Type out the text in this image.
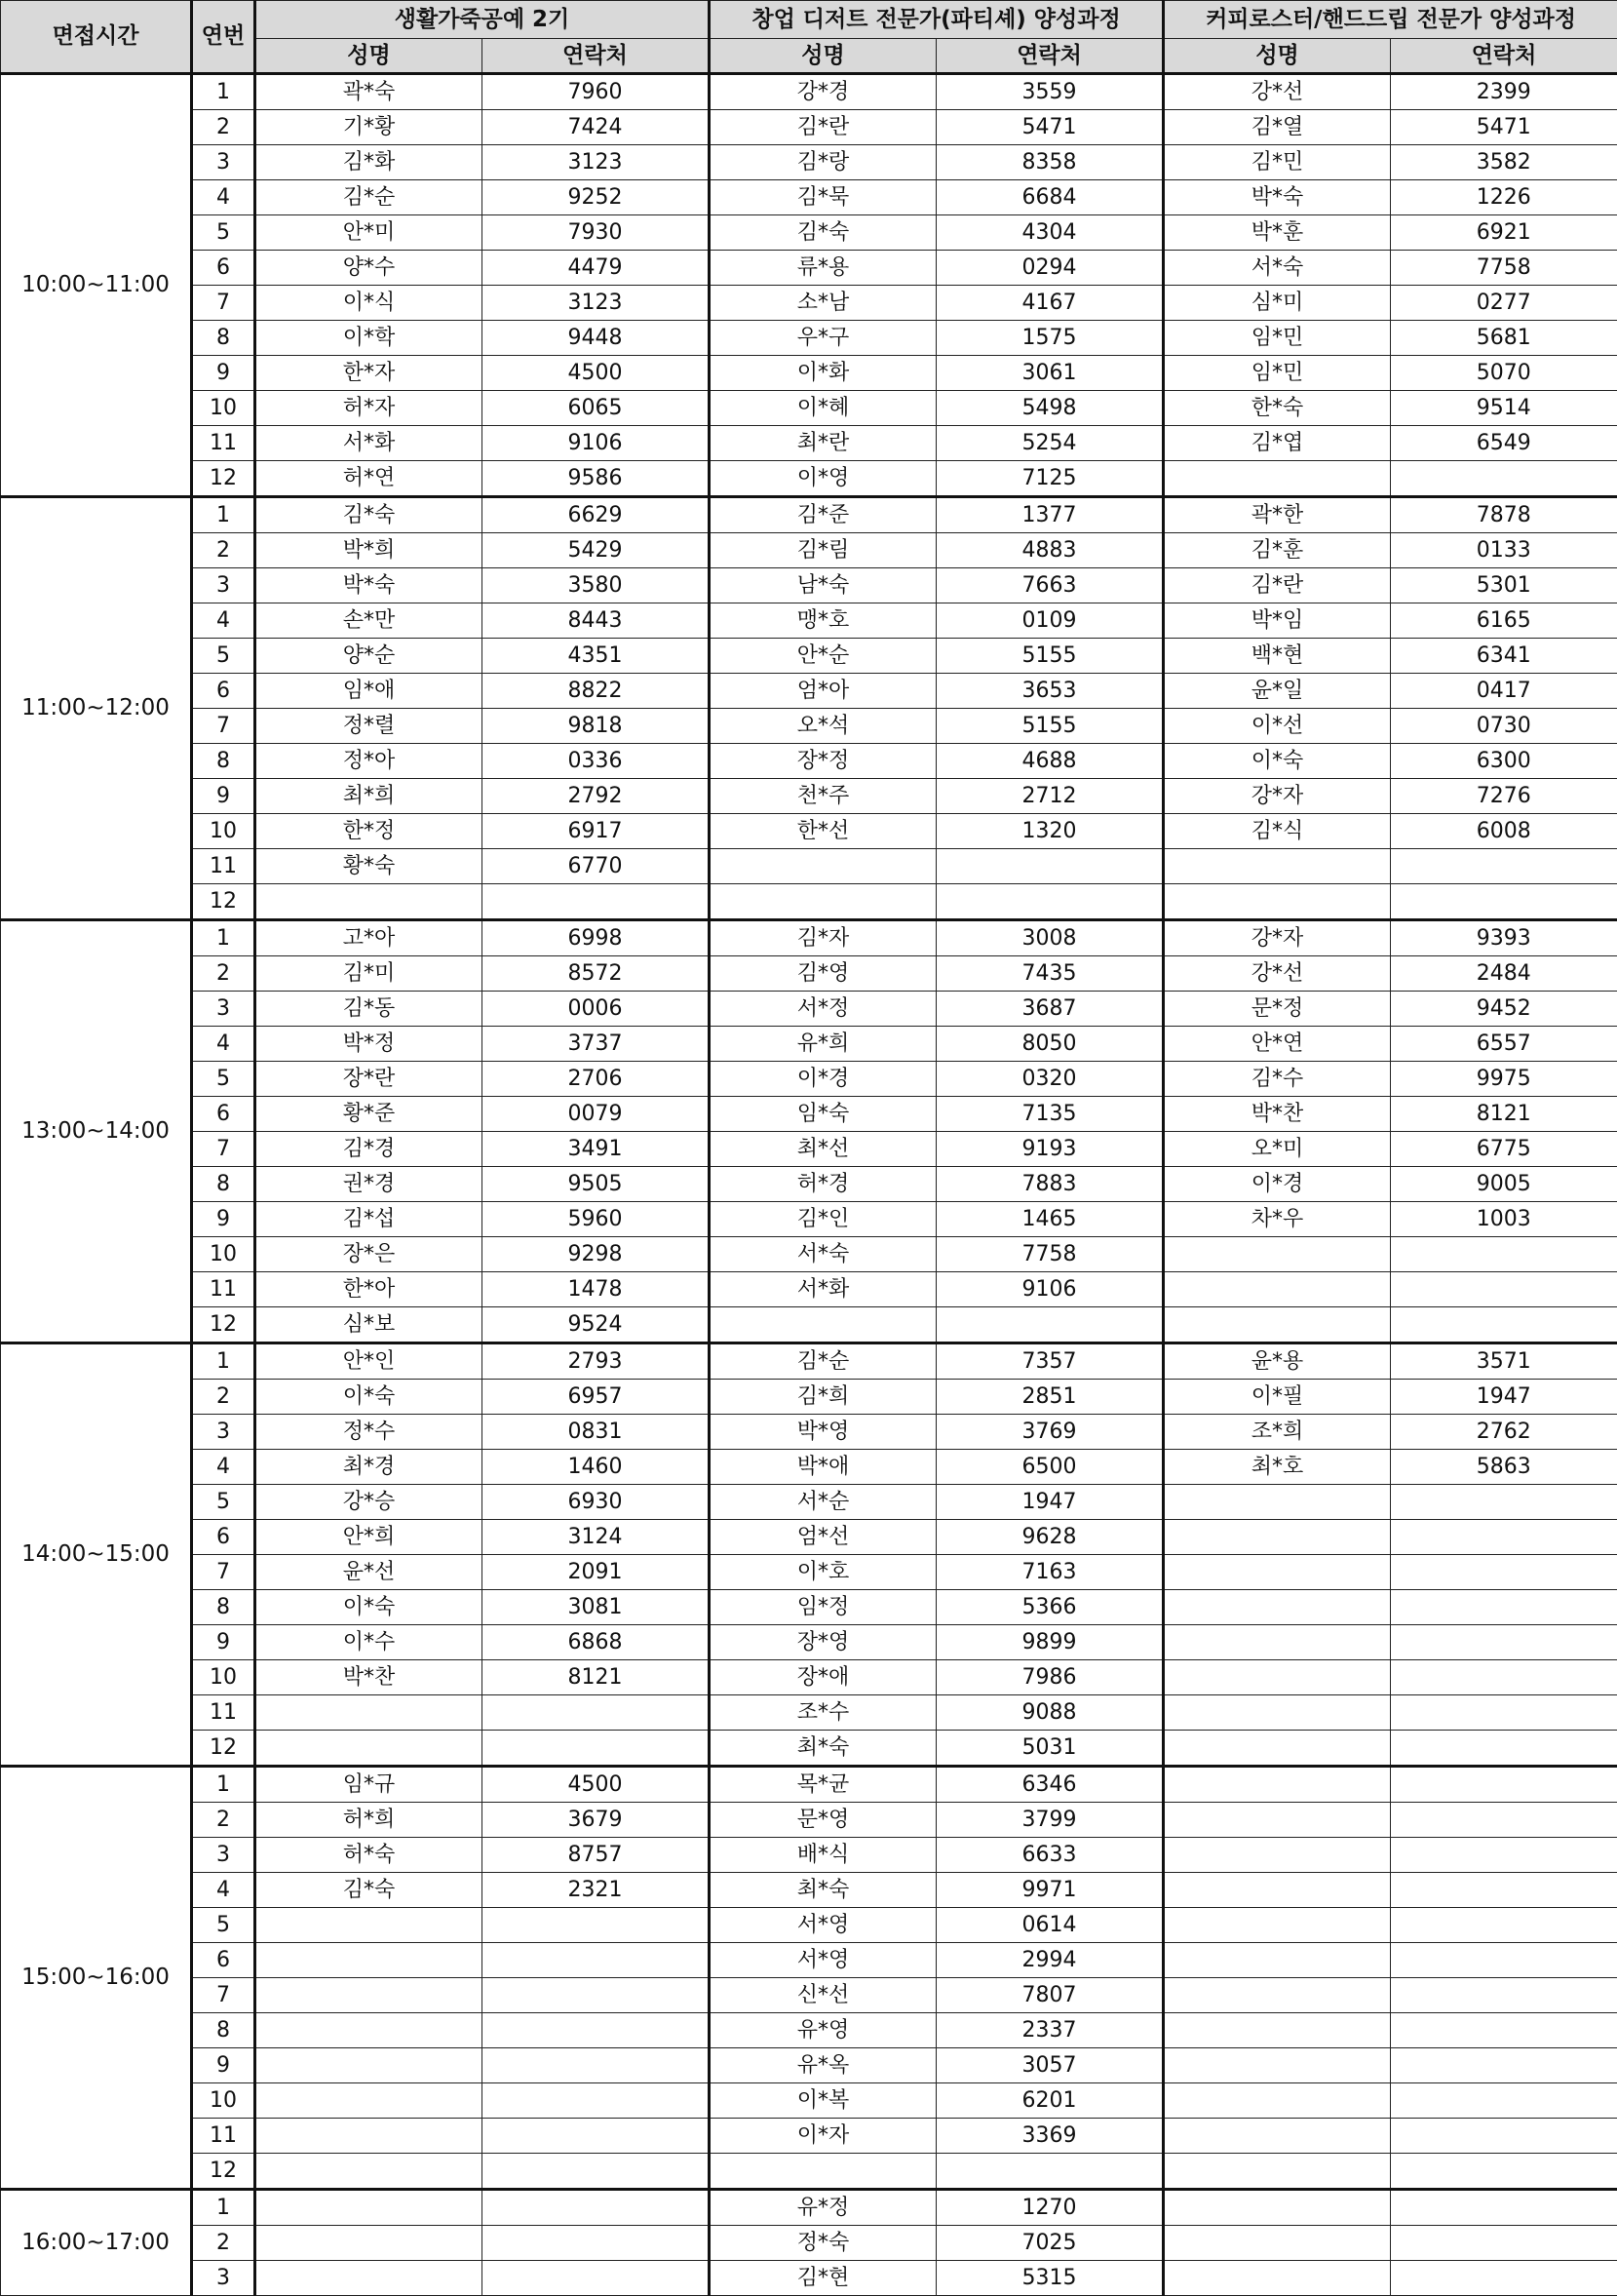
면접시간	연번	생활가죽공예 2기		창업 디저트 전문가(파티셰) 양성과정		커피로스터/핸드드립 전문가 양성과정	
		성명	연락처	성명	연락처	성명	연락처
10:00~11:00	1	곽*숙	7960	강*경	3559	강*선	2399
	2	기*황	7424	김*란	5471	김*열	5471
	3	김*화	3123	김*랑	8358	김*민	3582
	4	김*순	9252	김*묵	6684	박*숙	1226
	5	안*미	7930	김*숙	4304	박*훈	6921
	6	양*수	4479	류*용	0294	서*숙	7758
	7	이*식	3123	소*남	4167	심*미	0277
	8	이*학	9448	우*구	1575	임*민	5681
	9	한*자	4500	이*화	3061	임*민	5070
	10	허*자	6065	이*혜	5498	한*숙	9514
	11	서*화	9106	최*란	5254	김*엽	6549
	12	허*연	9586	이*영	7125		
11:00~12:00	1	김*숙	6629	김*준	1377	곽*한	7878
	2	박*희	5429	김*림	4883	김*훈	0133
	3	박*숙	3580	남*숙	7663	김*란	5301
	4	손*만	8443	맹*호	0109	박*임	6165
	5	양*순	4351	안*순	5155	백*현	6341
	6	임*애	8822	엄*아	3653	윤*일	0417
	7	정*렬	9818	오*석	5155	이*선	0730
	8	정*아	0336	장*정	4688	이*숙	6300
	9	최*희	2792	천*주	2712	강*자	7276
	10	한*정	6917	한*선	1320	김*식	6008
	11	황*숙	6770				
	12						
13:00~14:00	1	고*아	6998	김*자	3008	강*자	9393
	2	김*미	8572	김*영	7435	강*선	2484
	3	김*동	0006	서*정	3687	문*정	9452
	4	박*정	3737	유*희	8050	안*연	6557
	5	장*란	2706	이*경	0320	김*수	9975
	6	황*준	0079	임*숙	7135	박*찬	8121
	7	김*경	3491	최*선	9193	오*미	6775
	8	권*경	9505	허*경	7883	이*경	9005
	9	김*섭	5960	김*인	1465	차*우	1003
	10	장*은	9298	서*숙	7758		
	11	한*아	1478	서*화	9106		
	12	심*보	9524				
14:00~15:00	1	안*인	2793	김*순	7357	윤*용	3571
	2	이*숙	6957	김*희	2851	이*필	1947
	3	정*수	0831	박*영	3769	조*희	2762
	4	최*경	1460	박*애	6500	최*호	5863
	5	강*승	6930	서*순	1947		
	6	안*희	3124	엄*선	9628		
	7	윤*선	2091	이*호	7163		
	8	이*숙	3081	임*정	5366		
	9	이*수	6868	장*영	9899		
	10	박*찬	8121	장*애	7986		
	11			조*수	9088		
	12			최*숙	5031		
15:00~16:00	1	임*규	4500	목*균	6346		
	2	허*희	3679	문*영	3799		
	3	허*숙	8757	배*식	6633		
	4	김*숙	2321	최*숙	9971		
	5			서*영	0614		
	6			서*영	2994		
	7			신*선	7807		
	8			유*영	2337		
	9			유*옥	3057		
	10			이*복	6201		
	11			이*자	3369		
	12						
16:00~17:00	1			유*정	1270		
	2			정*숙	7025		
	3			김*현	5315		
